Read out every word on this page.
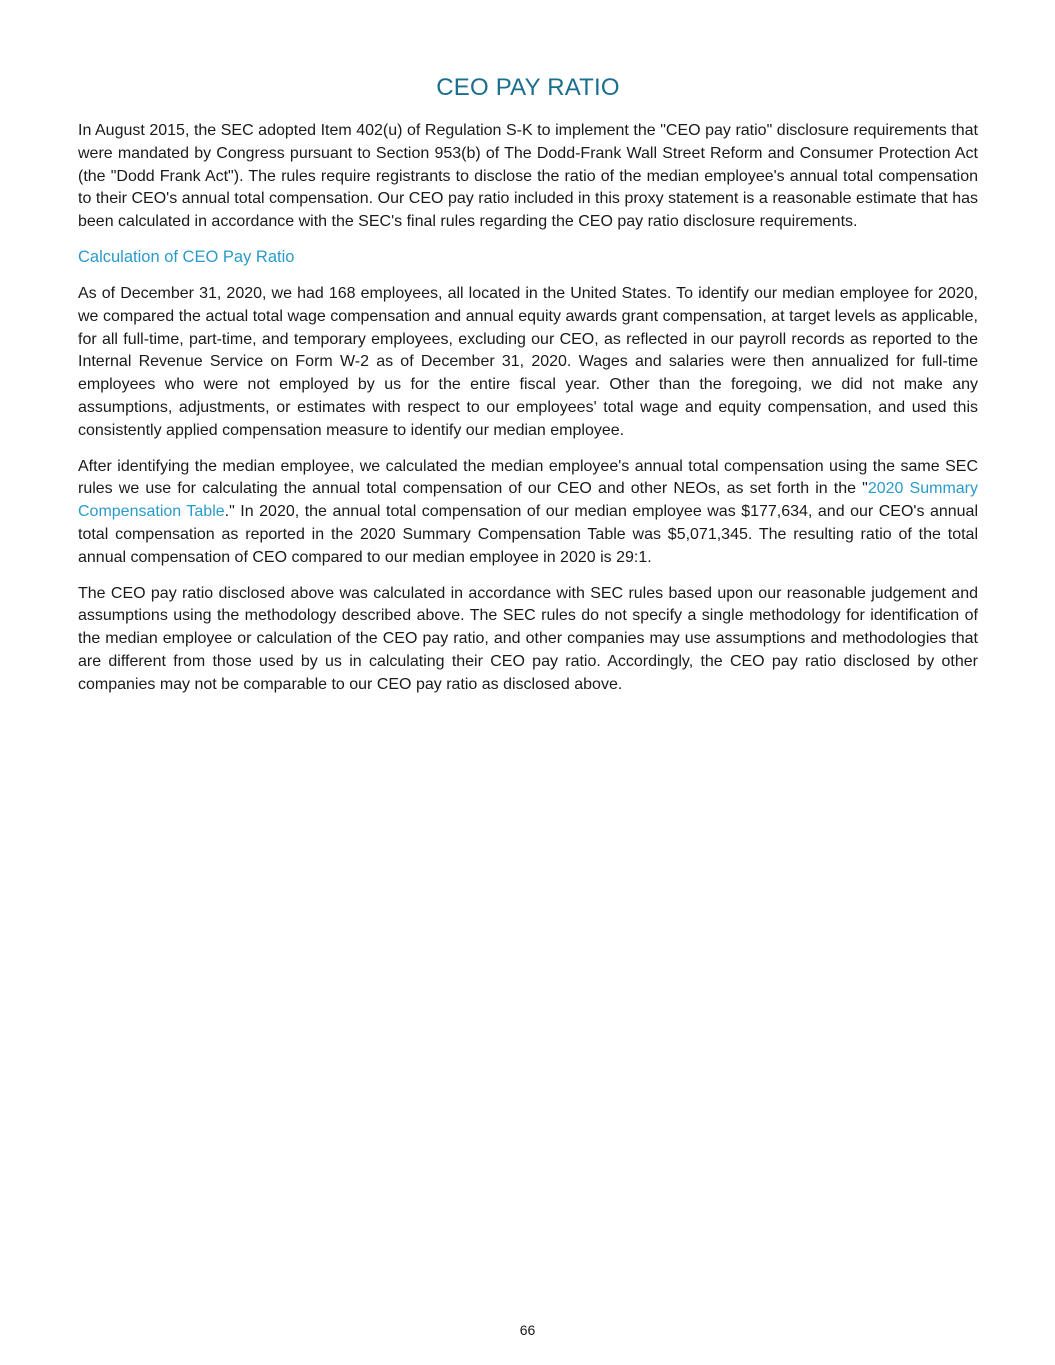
CEO PAY RATIO

In August 2015, the SEC adopted Item 402(u) of Regulation S-K to implement the "CEO pay ratio" disclosure requirements that were mandated by Congress pursuant to Section 953(b) of The Dodd-Frank Wall Street Reform and Consumer Protection Act (the "Dodd Frank Act"). The rules require registrants to disclose the ratio of the median employee's annual total compensation to their CEO's annual total compensation. Our CEO pay ratio included in this proxy statement is a reasonable estimate that has been calculated in accordance with the SEC's final rules regarding the CEO pay ratio disclosure requirements.

Calculation of CEO Pay Ratio

As of December 31, 2020, we had 168 employees, all located in the United States. To identify our median employee for 2020, we compared the actual total wage compensation and annual equity awards grant compensation, at target levels as applicable, for all full-time, part-time, and temporary employees, excluding our CEO, as reflected in our payroll records as reported to the Internal Revenue Service on Form W-2 as of December 31, 2020. Wages and salaries were then annualized for full-time employees who were not employed by us for the entire fiscal year. Other than the foregoing, we did not make any assumptions, adjustments, or estimates with respect to our employees' total wage and equity compensation, and used this consistently applied compensation measure to identify our median employee.

After identifying the median employee, we calculated the median employee's annual total compensation using the same SEC rules we use for calculating the annual total compensation of our CEO and other NEOs, as set forth in the "2020 Summary Compensation Table." In 2020, the annual total compensation of our median employee was $177,634, and our CEO's annual total compensation as reported in the 2020 Summary Compensation Table was $5,071,345. The resulting ratio of the total annual compensation of CEO compared to our median employee in 2020 is 29:1.

The CEO pay ratio disclosed above was calculated in accordance with SEC rules based upon our reasonable judgement and assumptions using the methodology described above. The SEC rules do not specify a single methodology for identification of the median employee or calculation of the CEO pay ratio, and other companies may use assumptions and methodologies that are different from those used by us in calculating their CEO pay ratio. Accordingly, the CEO pay ratio disclosed by other companies may not be comparable to our CEO pay ratio as disclosed above.

66
